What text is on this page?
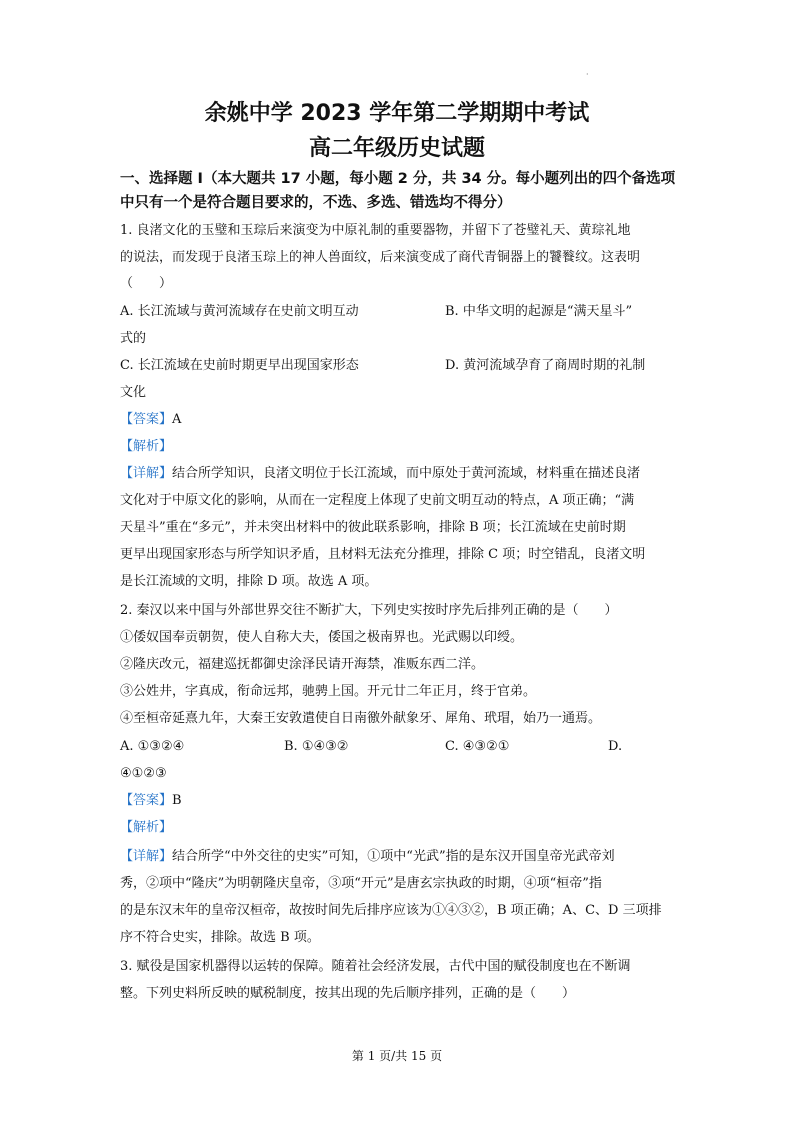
·
余姚中学 2023 学年第二学期期中考试
高二年级历史试题
一、选择题 I（本大题共 17 小题，每小题 2 分，共 34 分。每小题列出的四个备选项中只有一个是符合题目要求的，不选、多选、错选均不得分）
1. 良渚文化的玉璧和玉琮后来演变为中原礼制的重要器物，并留下了苍璧礼天、黄琮礼地
的说法，而发现于良渚玉琮上的神人兽面纹，后来演变成了商代青铜器上的饕餮纹。这表明
（　　）
A. 长江流域与黄河流域存在史前文明互动	B. 中华文明的起源是“满天星斗”
式的
C. 长江流域在史前时期更早出现国家形态	D. 黄河流域孕育了商周时期的礼制
文化
【答案】A
【解析】
【详解】结合所学知识，良渚文明位于长江流域，而中原处于黄河流域，材料重在描述良渚
文化对于中原文化的影响，从而在一定程度上体现了史前文明互动的特点，A 项正确；“满
天星斗”重在“多元”，并未突出材料中的彼此联系影响，排除 B 项；长江流域在史前时期
更早出现国家形态与所学知识矛盾，且材料无法充分推理，排除 C 项；时空错乱，良渚文明
是长江流域的文明，排除 D 项。故选 A 项。
2. 秦汉以来中国与外部世界交往不断扩大，下列史实按时序先后排列正确的是（　　）
①倭奴国奉贡朝贺，使人自称大夫，倭国之极南界也。光武赐以印绶。
②隆庆改元，福建巡抚都御史涂泽民请开海禁，准贩东西二洋。
③公姓井，字真成，衔命远邦，驰骋上国。开元廿二年正月，终于官弟。
④至桓帝延熹九年，大秦王安敦遣使自日南徼外献象牙、犀角、玳瑁，始乃一通焉。
A. ①③②④	B. ①④③②	C. ④③②①	D.
④①②③
【答案】B
【解析】
【详解】结合所学“中外交往的史实”可知，①项中“光武”指的是东汉开国皇帝光武帝刘
秀，②项中“隆庆”为明朝隆庆皇帝，③项“开元”是唐玄宗执政的时期，④项“桓帝”指
的是东汉末年的皇帝汉桓帝，故按时间先后排序应该为①④③②，B 项正确；A、C、D 三项排
序不符合史实，排除。故选 B 项。
3. 赋役是国家机器得以运转的保障。随着社会经济发展，古代中国的赋役制度也在不断调
整。下列史料所反映的赋税制度，按其出现的先后顺序排列，正确的是（　　）
第 1 页/共 15 页
